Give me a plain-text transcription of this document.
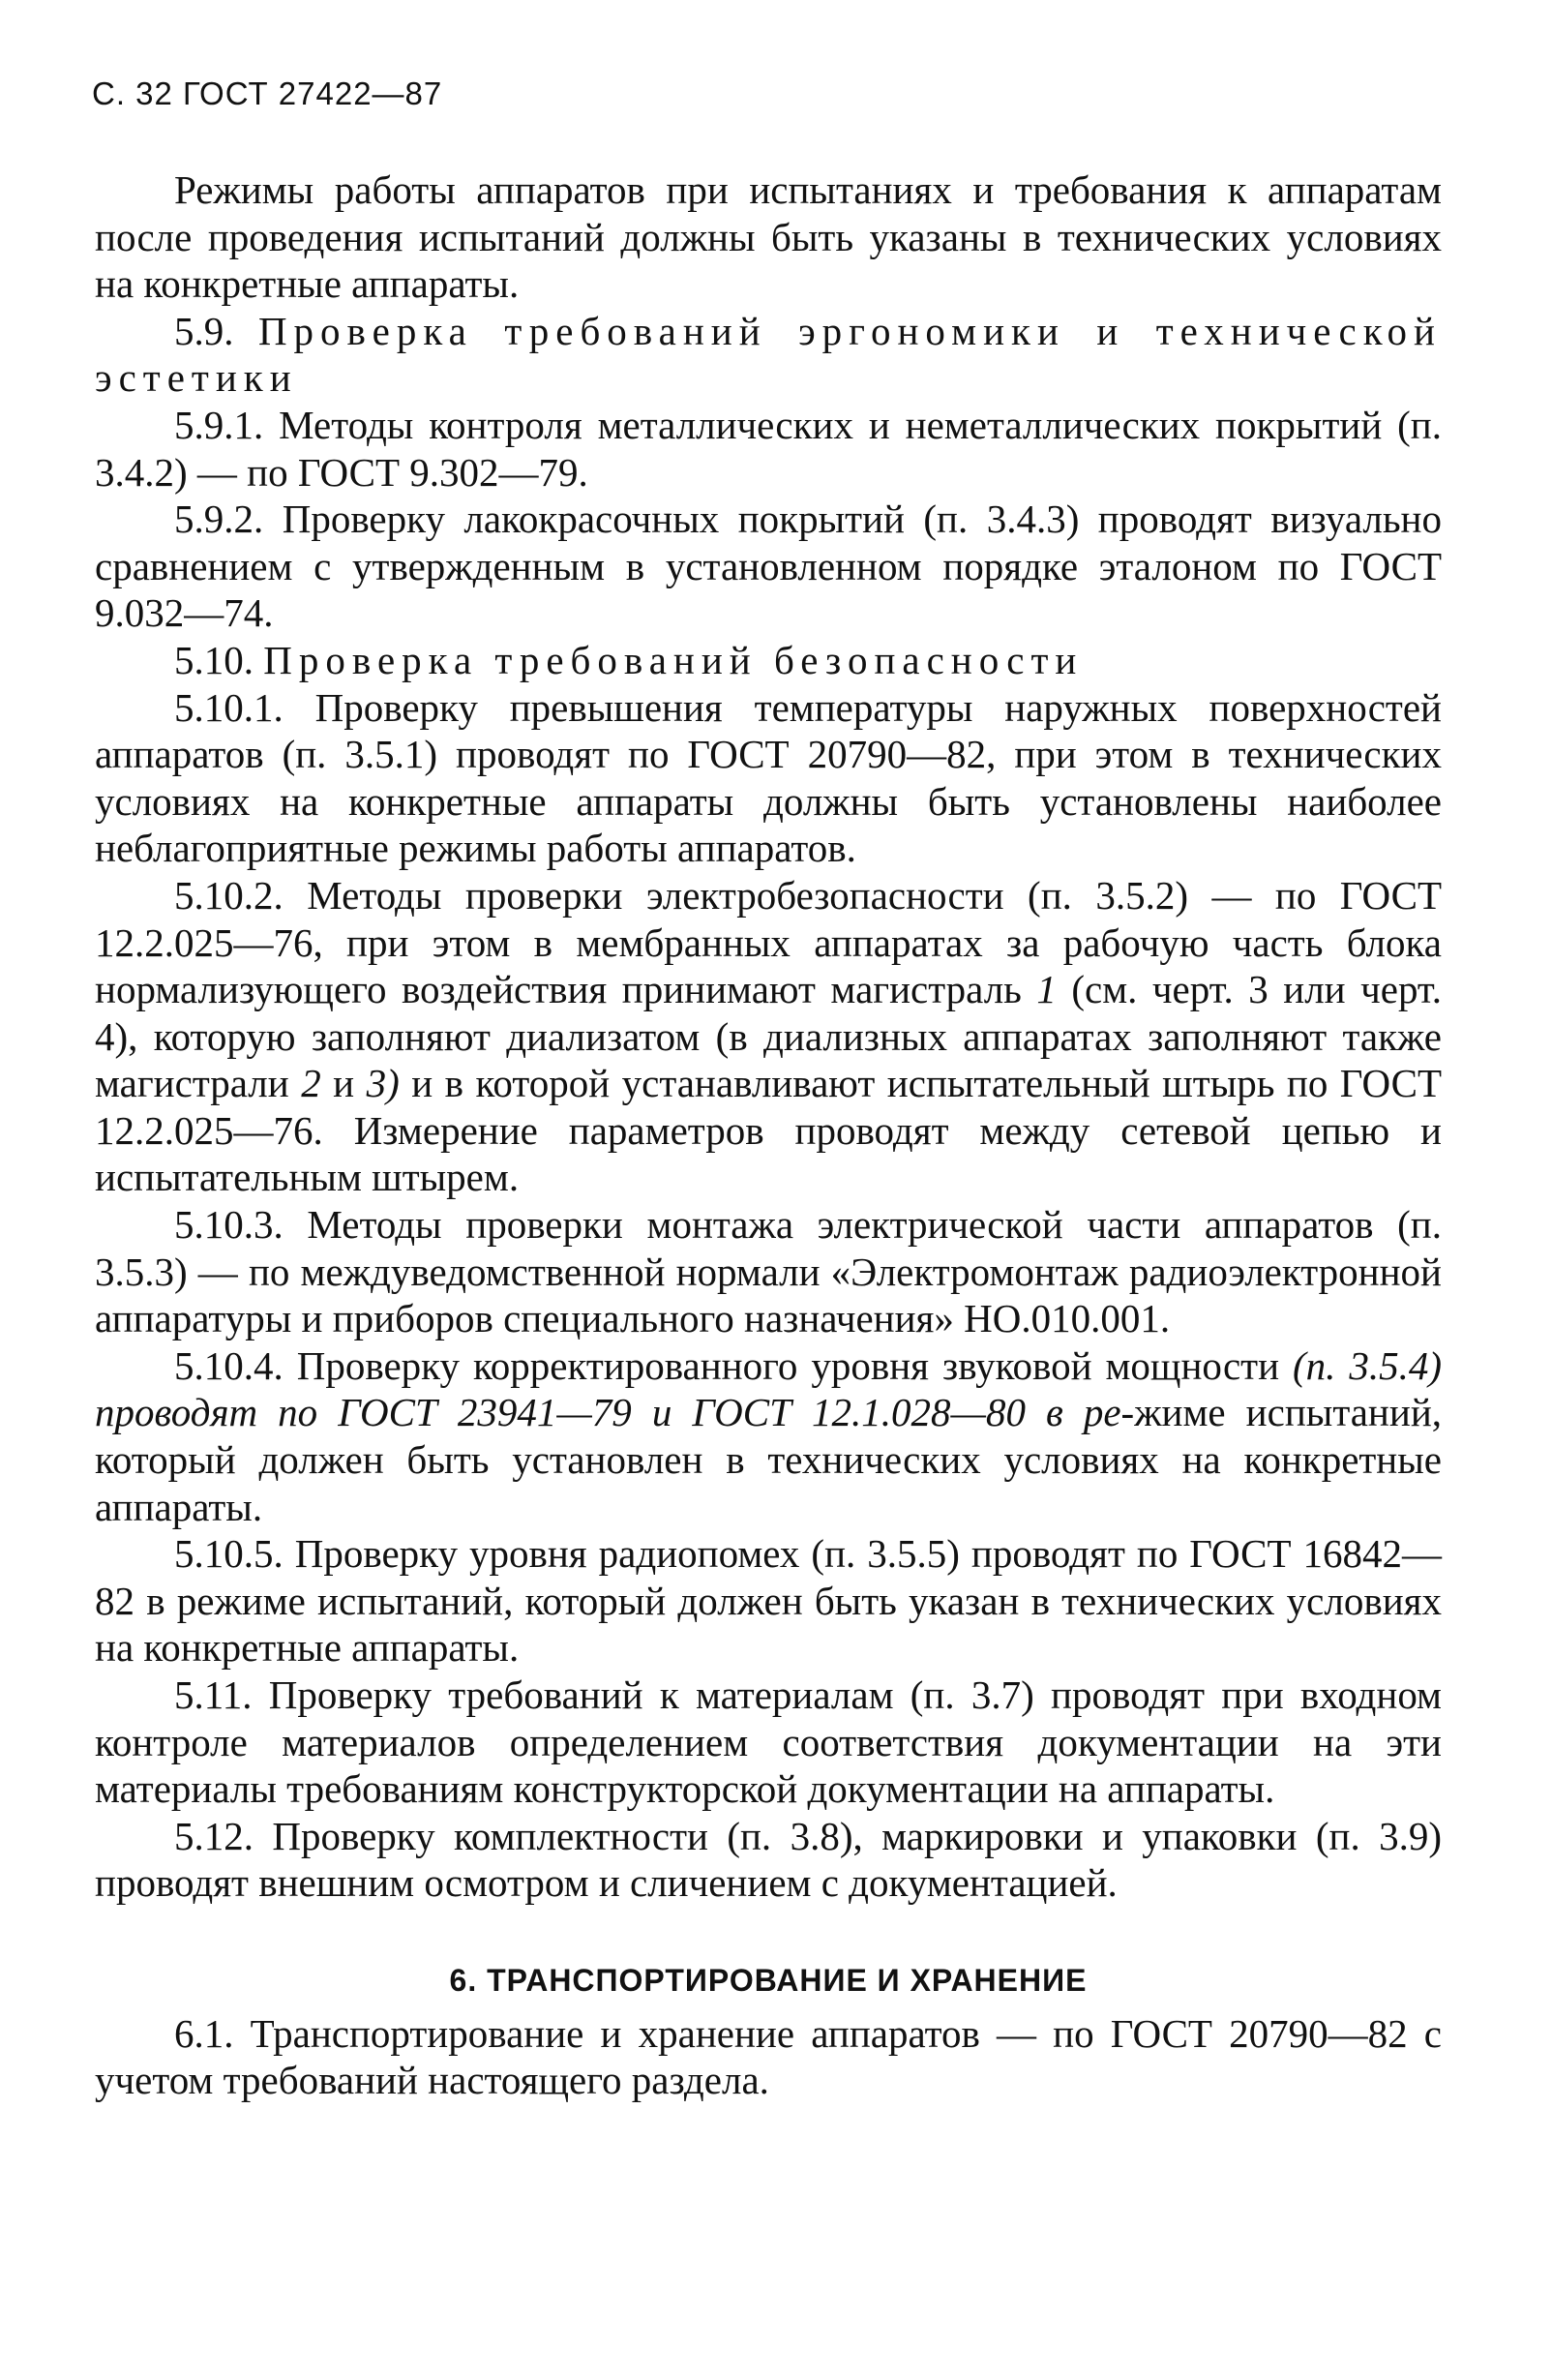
С. 32 ГОСТ 27422—87

Режимы работы аппаратов при испытаниях и требования к аппаратам после проведения испытаний должны быть указаны в технических условиях на конкретные аппараты.

5.9. Проверка требований эргономики и технической эстетики

5.9.1. Методы контроля металлических и неметаллических покрытий (п. 3.4.2) — по ГОСТ 9.302—79.

5.9.2. Проверку лакокрасочных покрытий (п. 3.4.3) проводят визуально сравнением с утвержденным в установленном порядке эталоном по ГОСТ 9.032—74.

5.10. Проверка требований безопасности

5.10.1. Проверку превышения температуры наружных поверхностей аппаратов (п. 3.5.1) проводят по ГОСТ 20790—82, при этом в технических условиях на конкретные аппараты должны быть установлены наиболее неблагоприятные режимы работы аппаратов.

5.10.2. Методы проверки электробезопасности (п. 3.5.2) — по ГОСТ 12.2.025—76, при этом в мембранных аппаратах за рабочую часть блока нормализующего воздействия принимают магистраль 1 (см. черт. 3 или черт. 4), которую заполняют диализатом (в диализных аппаратах заполняют также магистрали 2 и 3) и в которой устанавливают испытательный штырь по ГОСТ 12.2.025—76. Измерение параметров проводят между сетевой цепью и испытательным штырем.

5.10.3. Методы проверки монтажа электрической части аппаратов (п. 3.5.3) — по междуведомственной нормали «Электромонтаж радиоэлектронной аппаратуры и приборов специального назначения» НО.010.001.

5.10.4. Проверку корректированного уровня звуковой мощности (п. 3.5.4) проводят по ГОСТ 23941—79 и ГОСТ 12.1.028—80 в ре-жиме испытаний, который должен быть установлен в технических условиях на конкретные аппараты.

5.10.5. Проверку уровня радиопомех (п. 3.5.5) проводят по ГОСТ 16842—82 в режиме испытаний, который должен быть указан в технических условиях на конкретные аппараты.

5.11. Проверку требований к материалам (п. 3.7) проводят при входном контроле материалов определением соответствия документации на эти материалы требованиям конструкторской документации на аппараты.

5.12. Проверку комплектности (п. 3.8), маркировки и упаковки (п. 3.9) проводят внешним осмотром и сличением с документацией.

6. ТРАНСПОРТИРОВАНИЕ И ХРАНЕНИЕ

6.1. Транспортирование и хранение аппаратов — по ГОСТ 20790—82 с учетом требований настоящего раздела.
